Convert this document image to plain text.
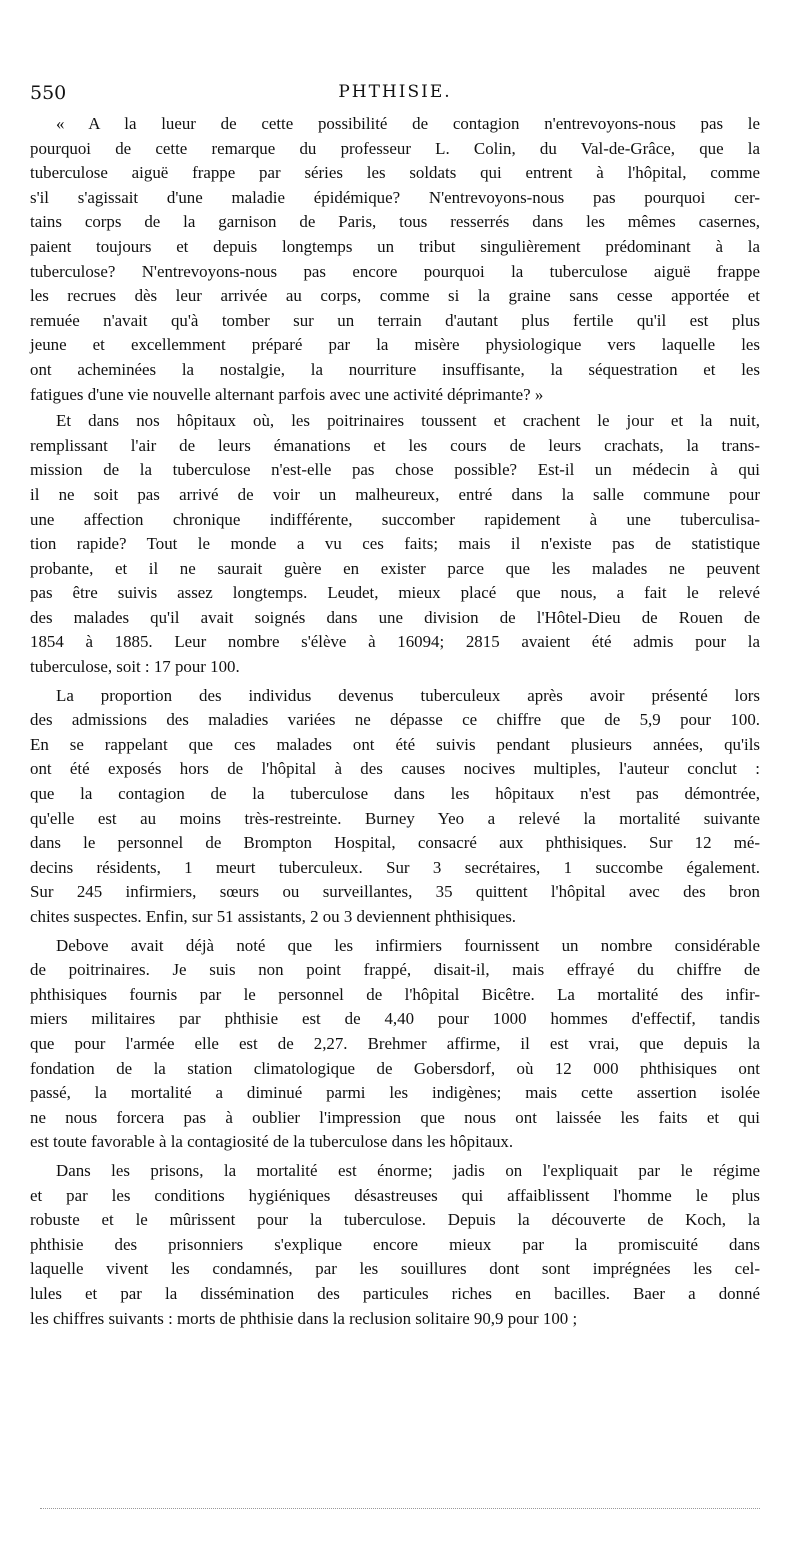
550	PHTHISIE.
« A la lueur de cette possibilité de contagion n'entrevoyons-nous pas le
pourquoi de cette remarque du professeur L. Colin, du Val-de-Grâce, que la
tuberculose aiguë frappe par séries les soldats qui entrent à l'hôpital, comme
s'il s'agissait d'une maladie épidémique? N'entrevoyons-nous pas pourquoi cer-
tains corps de la garnison de Paris, tous resserrés dans les mêmes casernes,
paient toujours et depuis longtemps un tribut singulièrement prédominant à la
tuberculose? N'entrevoyons-nous pas encore pourquoi la tuberculose aiguë frappe
les recrues dès leur arrivée au corps, comme si la graine sans cesse apportée et
remuée n'avait qu'à tomber sur un terrain d'autant plus fertile qu'il est plus
jeune et excellemment préparé par la misère physiologique vers laquelle les
ont acheminées la nostalgie, la nourriture insuffisante, la séquestration et les
fatigues d'une vie nouvelle alternant parfois avec une activité déprimante? »
Et dans nos hôpitaux où, les poitrinaires toussent et crachent le jour et la nuit,
remplissant l'air de leurs émanations et les cours de leurs crachats, la trans-
mission de la tuberculose n'est-elle pas chose possible? Est-il un médecin à qui
il ne soit pas arrivé de voir un malheureux, entré dans la salle commune pour
une affection chronique indifférente, succomber rapidement à une tuberculisa-
tion rapide? Tout le monde a vu ces faits; mais il n'existe pas de statistique
probante, et il ne saurait guère en exister parce que les malades ne peuvent
pas être suivis assez longtemps. Leudet, mieux placé que nous, a fait le relevé
des malades qu'il avait soignés dans une division de l'Hôtel-Dieu de Rouen de
1854 à 1885. Leur nombre s'élève à 16094; 2815 avaient été admis pour la
tuberculose, soit : 17 pour 100.
La proportion des individus devenus tuberculeux après avoir présenté lors
des admissions des maladies variées ne dépasse ce chiffre que de 5,9 pour 100.
En se rappelant que ces malades ont été suivis pendant plusieurs années, qu'ils
ont été exposés hors de l'hôpital à des causes nocives multiples, l'auteur conclut :
que la contagion de la tuberculose dans les hôpitaux n'est pas démontrée,
qu'elle est au moins très-restreinte. Burney Yeo a relevé la mortalité suivante
dans le personnel de Brompton Hospital, consacré aux phthisiques. Sur 12 mé-
decins résidents, 1 meurt tuberculeux. Sur 3 secrétaires, 1 succombe également.
Sur 245 infirmiers, sœurs ou surveillantes, 35 quittent l'hôpital avec des bron
chites suspectes. Enfin, sur 51 assistants, 2 ou 3 deviennent phthisiques.
Debove avait déjà noté que les infirmiers fournissent un nombre considérable
de poitrinaires. Je suis non point frappé, disait-il, mais effrayé du chiffre de
phthisiques fournis par le personnel de l'hôpital Bicêtre. La mortalité des infir-
miers militaires par phthisie est de 4,40 pour 1000 hommes d'effectif, tandis
que pour l'armée elle est de 2,27. Brehmer affirme, il est vrai, que depuis la
fondation de la station climatologique de Gobersdorf, où 12 000 phthisiques ont
passé, la mortalité a diminué parmi les indigènes; mais cette assertion isolée
ne nous forcera pas à oublier l'impression que nous ont laissée les faits et qui
est toute favorable à la contagiosité de la tuberculose dans les hôpitaux.
Dans les prisons, la mortalité est énorme; jadis on l'expliquait par le régime
et par les conditions hygiéniques désastreuses qui affaiblissent l'homme le plus
robuste et le mûrissent pour la tuberculose. Depuis la découverte de Koch, la
phthisie des prisonniers s'explique encore mieux par la promiscuité dans
laquelle vivent les condamnés, par les souillures dont sont imprégnées les cel-
lules et par la dissémination des particules riches en bacilles. Baer a donné
les chiffres suivants : morts de phthisie dans la reclusion solitaire 90,9 pour 100 ;
